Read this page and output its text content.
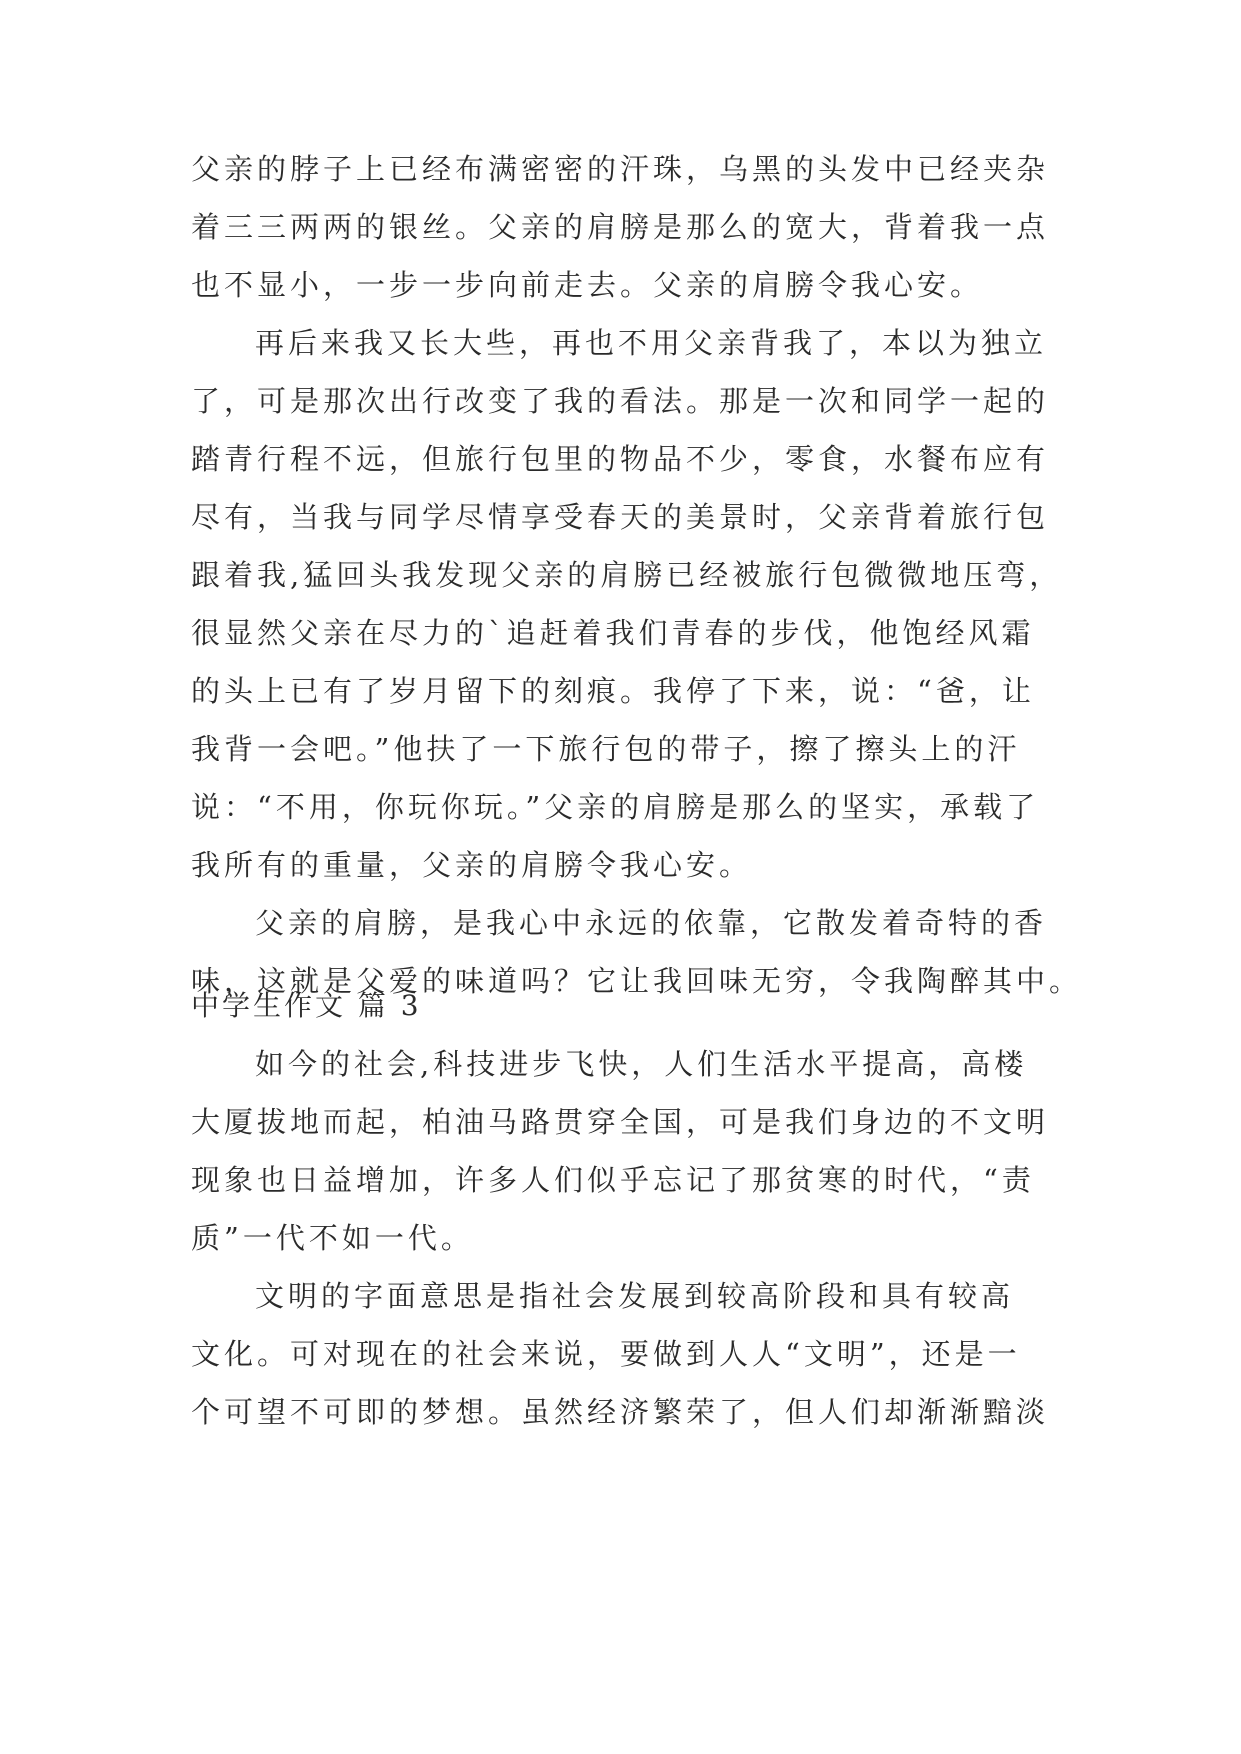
父亲的脖子上已经布满密密的汗珠，乌黑的头发中已经夹杂
着三三两两的银丝。父亲的肩膀是那么的宽大，背着我一点
也不显小，一步一步向前走去。父亲的肩膀令我心安。
再后来我又长大些，再也不用父亲背我了，本以为独立
了，可是那次出行改变了我的看法。那是一次和同学一起的
踏青行程不远，但旅行包里的物品不少，零食，水餐布应有
尽有，当我与同学尽情享受春天的美景时，父亲背着旅行包
跟着我,猛回头我发现父亲的肩膀已经被旅行包微微地压弯，
很显然父亲在尽力的`追赶着我们青春的步伐，他饱经风霜
的头上已有了岁月留下的刻痕。我停了下来，说：“爸，让
我背一会吧。”他扶了一下旅行包的带子，擦了擦头上的汗
说：“不用，你玩你玩。”父亲的肩膀是那么的坚实，承载了
我所有的重量，父亲的肩膀令我心安。
父亲的肩膀，是我心中永远的依靠，它散发着奇特的香
味，这就是父爱的味道吗？它让我回味无穷，令我陶醉其中。
中学生作文 篇 3
如今的社会,科技进步飞快，人们生活水平提高，高楼
大厦拔地而起，柏油马路贯穿全国，可是我们身边的不文明
现象也日益增加，许多人们似乎忘记了那贫寒的时代，“责
质”一代不如一代。
文明的字面意思是指社会发展到较高阶段和具有较高
文化。可对现在的社会来说，要做到人人“文明”，还是一
个可望不可即的梦想。虽然经济繁荣了，但人们却渐渐黯淡
